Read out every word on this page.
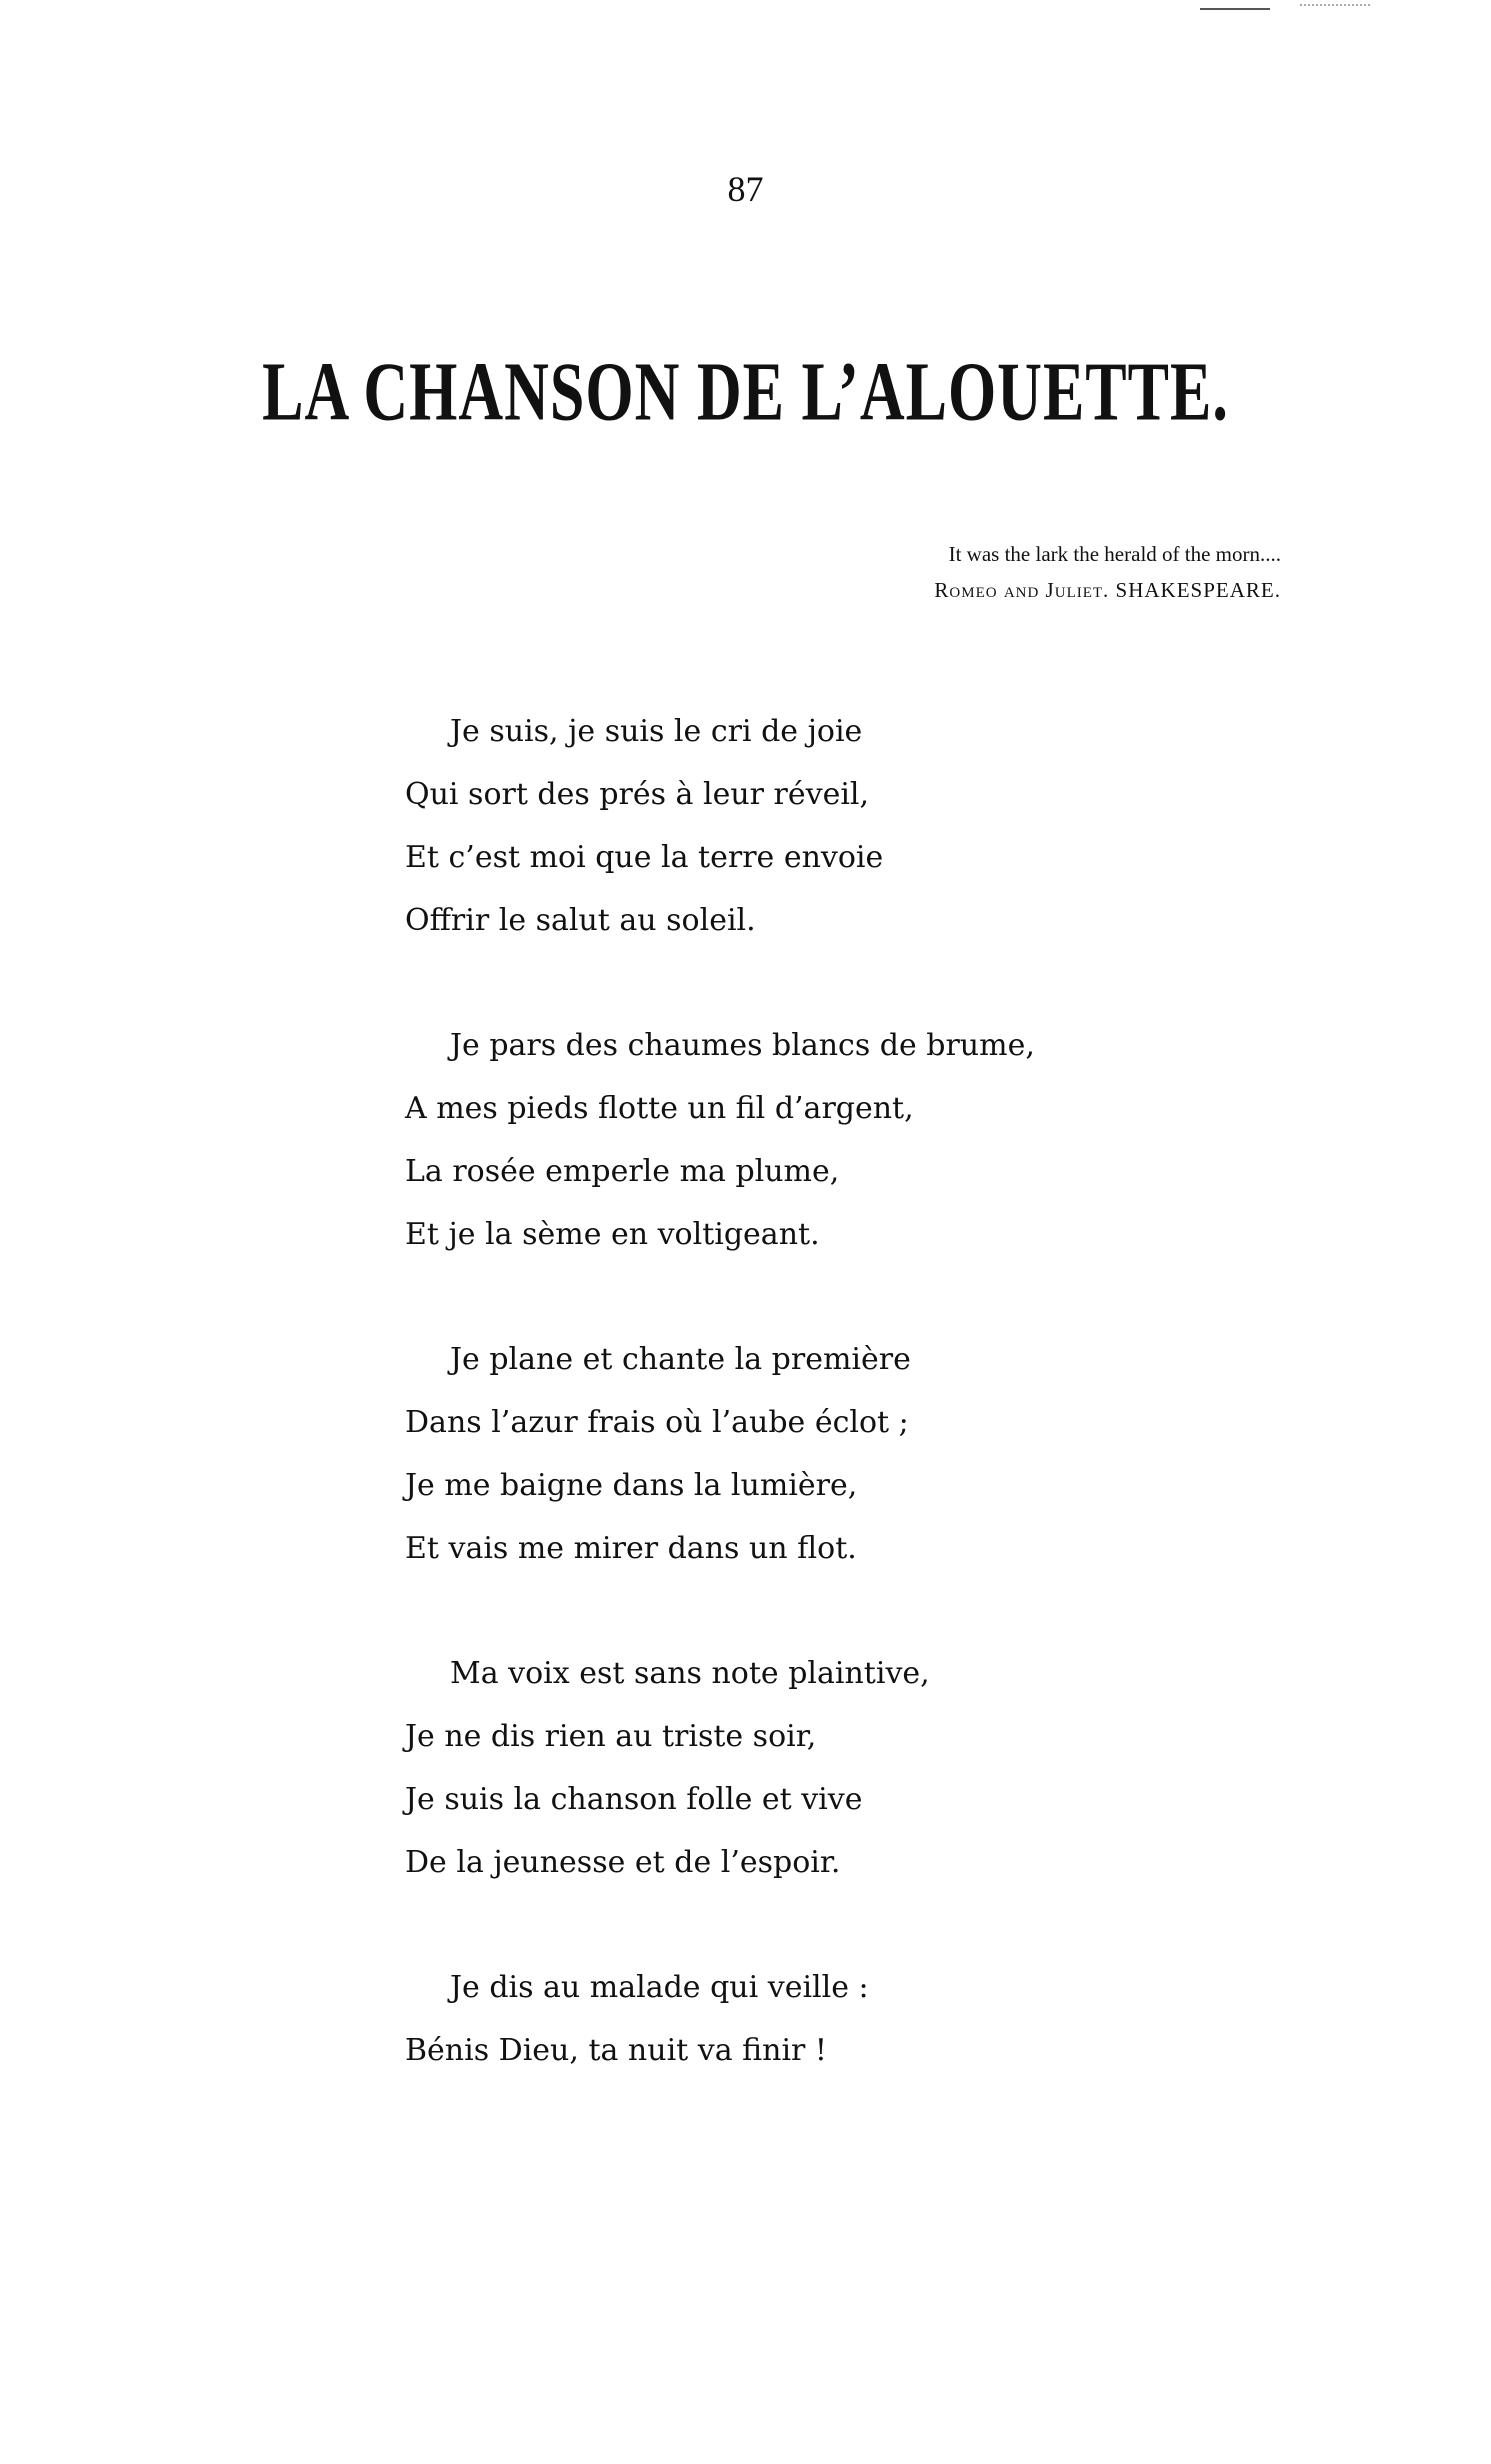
87
LA CHANSON DE L’ALOUETTE.
It was the lark the herald of the morn....
Romeo and Juliet. SHAKESPEARE.
Je suis, je suis le cri de joie
Qui sort des prés à leur réveil,
Et c’est moi que la terre envoie
Offrir le salut au soleil.
Je pars des chaumes blancs de brume,
A mes pieds flotte un fil d’argent,
La rosée emperle ma plume,
Et je la sème en voltigeant.
Je plane et chante la première
Dans l’azur frais où l’aube éclot ;
Je me baigne dans la lumière,
Et vais me mirer dans un flot.
Ma voix est sans note plaintive,
Je ne dis rien au triste soir,
Je suis la chanson folle et vive
De la jeunesse et de l’espoir.
Je dis au malade qui veille :
Bénis Dieu, ta nuit va finir !
